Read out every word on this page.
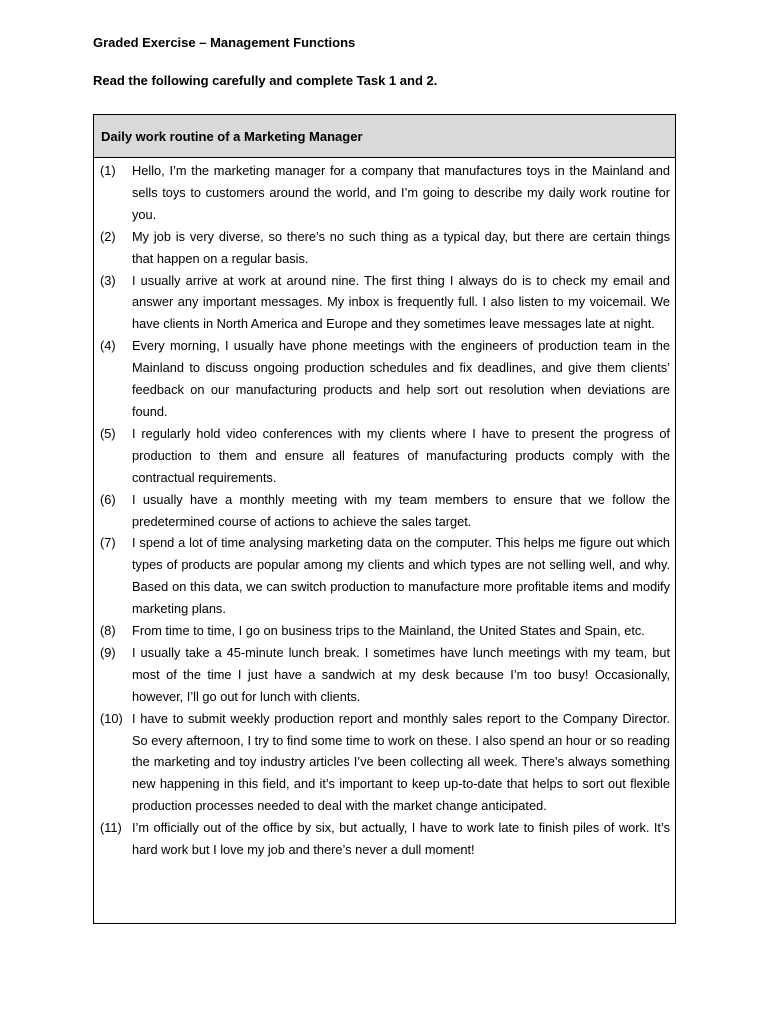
Graded Exercise – Management Functions
Read the following carefully and complete Task 1 and 2.
Daily work routine of a Marketing Manager
(1)	Hello, I’m the marketing manager for a company that manufactures toys in the Mainland and sells toys to customers around the world, and I’m going to describe my daily work routine for you.
(2)	My job is very diverse, so there’s no such thing as a typical day, but there are certain things that happen on a regular basis.
(3)	I usually arrive at work at around nine. The first thing I always do is to check my email and answer any important messages. My inbox is frequently full. I also listen to my voicemail. We have clients in North America and Europe and they sometimes leave messages late at night.
(4)	Every morning, I usually have phone meetings with the engineers of production team in the Mainland to discuss ongoing production schedules and fix deadlines, and give them clients’ feedback on our manufacturing products and help sort out resolution when deviations are found.
(5)	I regularly hold video conferences with my clients where I have to present the progress of production to them and ensure all features of manufacturing products comply with the contractual requirements.
(6)	I usually have a monthly meeting with my team members to ensure that we follow the predetermined course of actions to achieve the sales target.
(7)	I spend a lot of time analysing marketing data on the computer. This helps me figure out which types of products are popular among my clients and which types are not selling well, and why. Based on this data, we can switch production to manufacture more profitable items and modify marketing plans.
(8)	From time to time, I go on business trips to the Mainland, the United States and Spain, etc.
(9)	I usually take a 45-minute lunch break. I sometimes have lunch meetings with my team, but most of the time I just have a sandwich at my desk because I’m too busy! Occasionally, however, I’ll go out for lunch with clients.
(10) I have to submit weekly production report and monthly sales report to the Company Director. So every afternoon, I try to find some time to work on these. I also spend an hour or so reading the marketing and toy industry articles I’ve been collecting all week. There’s always something new happening in this field, and it’s important to keep up-to-date that helps to sort out flexible production processes needed to deal with the market change anticipated.
(11) I’m officially out of the office by six, but actually, I have to work late to finish piles of work. It’s hard work but I love my job and there’s never a dull moment!
